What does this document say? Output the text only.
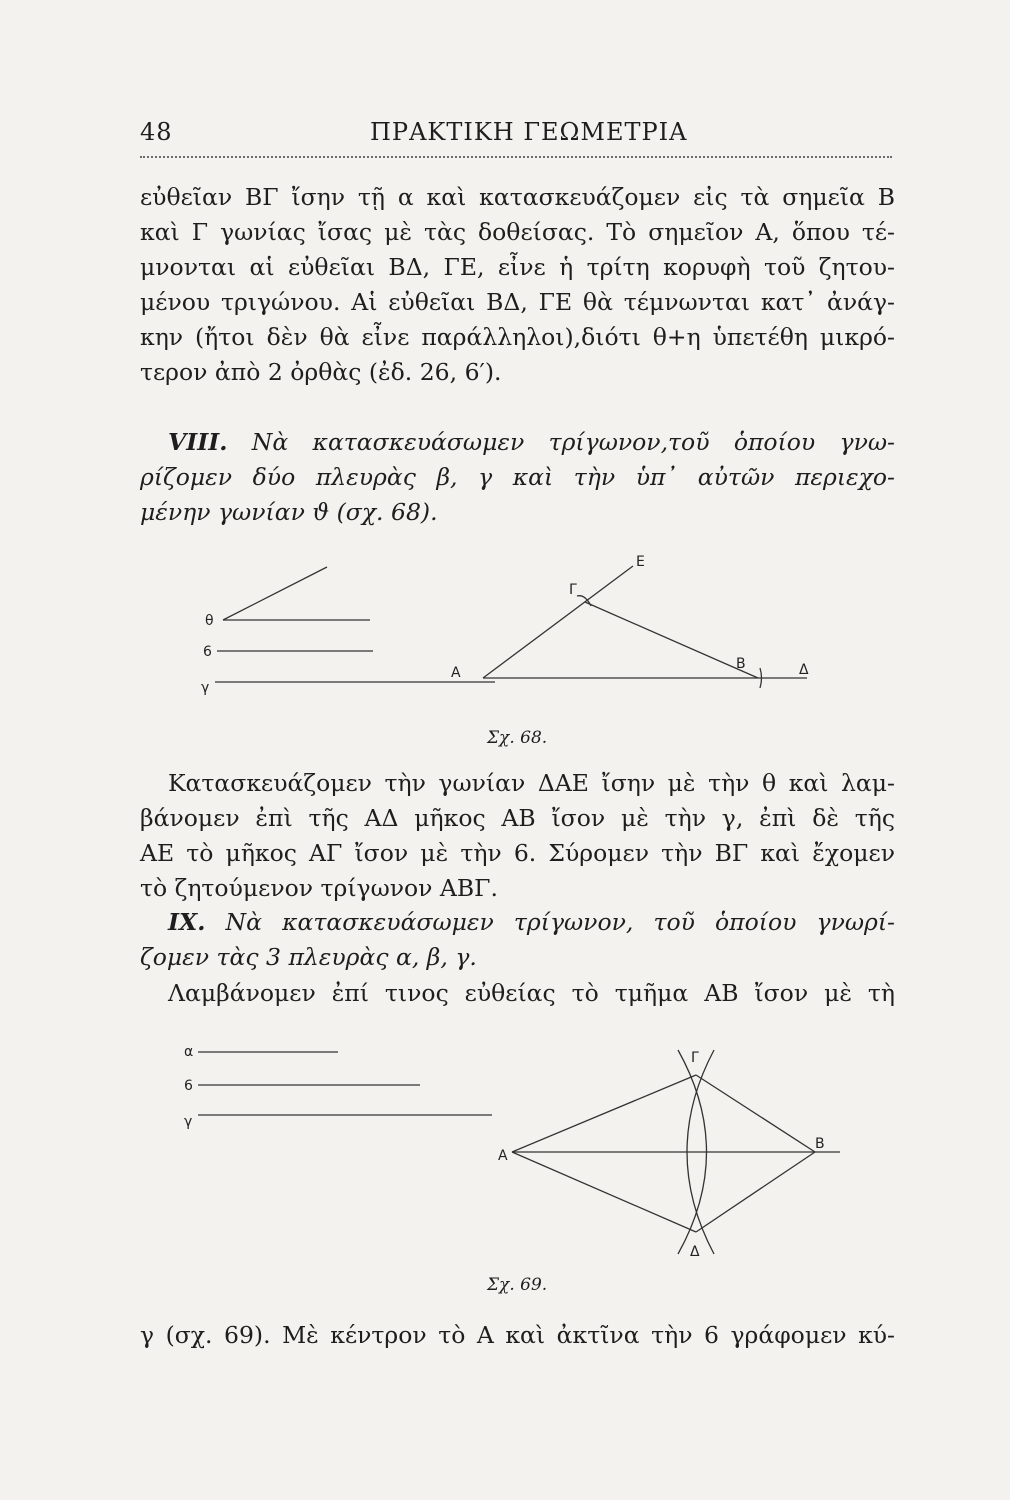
48	ΠΡΑΚΤΙΚΗ ΓΕΩΜΕΤΡΙΑ

εὐθεῖαν ΒΓ ἴσην τῇ α καὶ κατασκευάζομεν εἰς τὰ σημεῖα Β
καὶ Γ γωνίας ἴσας μὲ τὰς δοθείσας. Τὸ σημεῖον Α, ὅπου τέ-
μνονται αἱ εὐθεῖαι ΒΔ, ΓΕ, εἶνε ἡ τρίτη κορυφὴ τοῦ ζητου-
μένου τριγώνου. Αἱ εὐθεῖαι ΒΔ, ΓΕ θὰ τέμνωνται κατ᾽ ἀνάγ-
κην (ἤτοι δὲν θὰ εἶνε παράλληλοι),διότι θ+η ὑπετέθη μικρό-
τερον ἀπὸ 2 ὀρθὰς (ἐδ. 26, 6′).

VIII. Νὰ κατασκευάσωμεν τρίγωνον,τοῦ ὁποίου γνω-
ρίζομεν δύο πλευρὰς β, γ καὶ τὴν ὑπ᾽ αὐτῶν περιεχο-
μένην γωνίαν ϑ (σχ. 68).

θ
6
γ
A
B
Γ
E
Δ
Σχ. 68.

Κατασκευάζομεν τὴν γωνίαν ΔΑΕ ἴσην μὲ τὴν θ καὶ λαμ-
βάνομεν ἐπὶ τῆς ΑΔ μῆκος ΑΒ ἴσον μὲ τὴν γ, ἐπὶ δὲ τῆς
ΑΕ τὸ μῆκος ΑΓ ἴσον μὲ τὴν 6. Σύρομεν τὴν ΒΓ καὶ ἔχομεν
τὸ ζητούμενον τρίγωνον ΑΒΓ.

IX. Νὰ κατασκευάσωμεν τρίγωνον, τοῦ ὁποίου γνωρί-
ζομεν τὰς 3 πλευρὰς α, β, γ.

Λαμβάνομεν ἐπί τινος εὐθείας τὸ τμῆμα ΑΒ ἴσον μὲ τὴ

α
6
γ
A
B
Γ
Δ
Σχ. 69.

γ (σχ. 69). Μὲ κέντρον τὸ Α καὶ ἀκτῖνα τὴν 6 γράφομεν κύ-
